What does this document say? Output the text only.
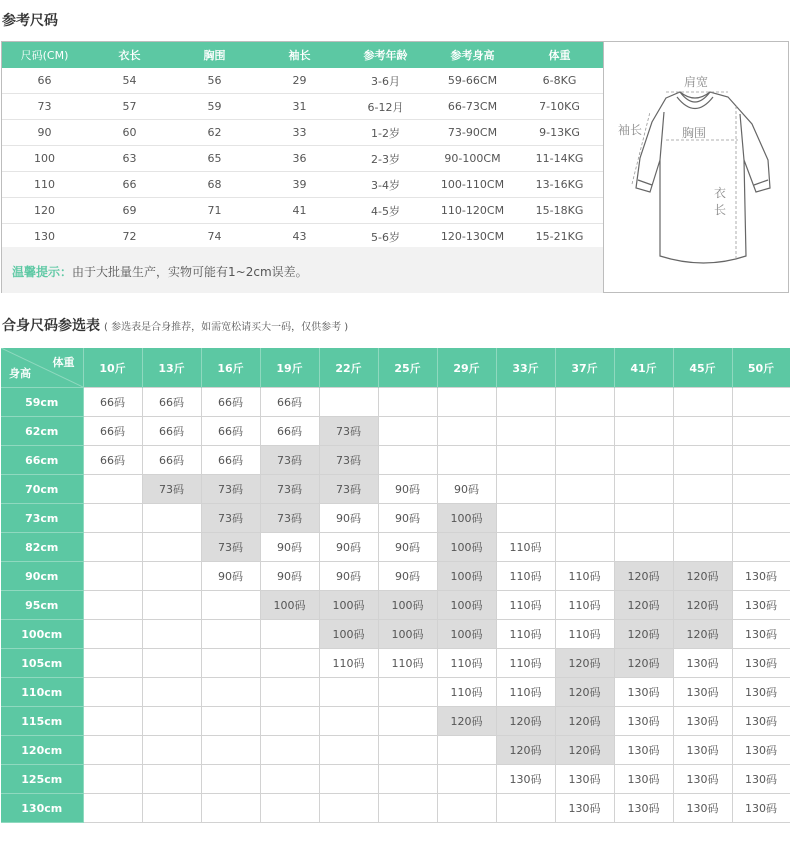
参考尺码
尺码(CM)	衣长	胸围	袖长	参考年龄	参考身高	体重
66	54	56	29	3-6月	59-66CM	6-8KG
73	57	59	31	6-12月	66-73CM	7-10KG
90	60	62	33	1-2岁	73-90CM	9-13KG
100	63	65	36	2-3岁	90-100CM	11-14KG
110	66	68	39	3-4岁	100-110CM	13-16KG
120	69	71	41	4-5岁	110-120CM	15-18KG
130	72	74	43	5-6岁	120-130CM	15-21KG
温馨提示：由于大批量生产，实物可能有1~2cm误差。
肩宽
袖长	胸围
衣
长
合身尺码参选表 ( 参选表是合身推荐，如需宽松请买大一码，仅供参考 )
体重
身高	10斤	13斤	16斤	19斤	22斤	25斤	29斤	33斤	37斤	41斤	45斤	50斤
59cm	66码	66码	66码	66码								
62cm	66码	66码	66码	66码	73码							
66cm	66码	66码	66码	73码	73码							
70cm		73码	73码	73码	73码	90码	90码					
73cm			73码	73码	90码	90码	100码					
82cm			73码	90码	90码	90码	100码	110码				
90cm			90码	90码	90码	90码	100码	110码	110码	120码	120码	130码
95cm				100码	100码	100码	100码	110码	110码	120码	120码	130码
100cm					100码	100码	100码	110码	110码	120码	120码	130码
105cm					110码	110码	110码	110码	120码	120码	130码	130码
110cm							110码	110码	120码	130码	130码	130码
115cm							120码	120码	120码	130码	130码	130码
120cm								120码	120码	130码	130码	130码
125cm								130码	130码	130码	130码	130码
130cm									130码	130码	130码	130码
